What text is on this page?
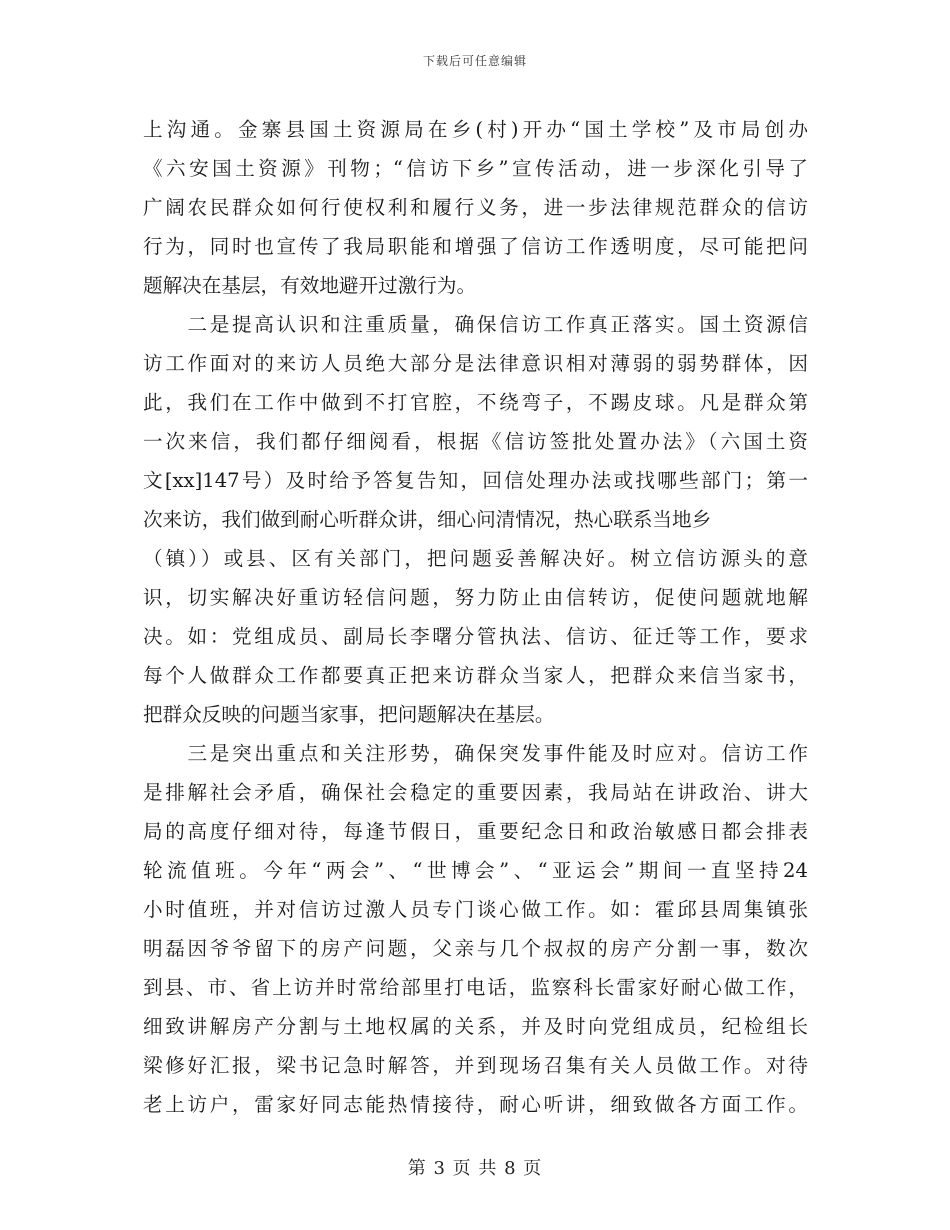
下载后可任意编辑
上沟通。金寨县国土资源局在乡(村)开办“国土学校”及市局创办
《六安国土资源》刊物；“信访下乡”宣传活动，进一步深化引导了
广阔农民群众如何行使权利和履行义务，进一步法律规范群众的信访
行为，同时也宣传了我局职能和增强了信访工作透明度，尽可能把问
题解决在基层，有效地避开过激行为。
　　二是提高认识和注重质量，确保信访工作真正落实。国土资源信
访工作面对的来访人员绝大部分是法律意识相对薄弱的弱势群体，因
此，我们在工作中做到不打官腔，不绕弯子，不踢皮球。凡是群众第
一次来信，我们都仔细阅看，根据《信访签批处置办法》（六国土资
文[xx]147号）及时给予答复告知，回信处理办法或找哪些部门；第一
次来访，我们做到耐心听群众讲，细心问清情况，热心联系当地乡
（镇））或县、区有关部门，把问题妥善解决好。树立信访源头的意
识，切实解决好重访轻信问题，努力防止由信转访，促使问题就地解
决。如：党组成员、副局长李曙分管执法、信访、征迁等工作，要求
每个人做群众工作都要真正把来访群众当家人，把群众来信当家书，
把群众反映的问题当家事，把问题解决在基层。
　　三是突出重点和关注形势，确保突发事件能及时应对。信访工作
是排解社会矛盾，确保社会稳定的重要因素，我局站在讲政治、讲大
局的高度仔细对待，每逢节假日，重要纪念日和政治敏感日都会排表
轮流值班。今年“两会”、“世博会”、“亚运会”期间一直坚持24
小时值班，并对信访过激人员专门谈心做工作。如：霍邱县周集镇张
明磊因爷爷留下的房产问题，父亲与几个叔叔的房产分割一事，数次
到县、市、省上访并时常给部里打电话，监察科长雷家好耐心做工作，
细致讲解房产分割与土地权属的关系，并及时向党组成员，纪检组长
梁修好汇报，梁书记急时解答，并到现场召集有关人员做工作。对待
老上访户，雷家好同志能热情接待，耐心听讲，细致做各方面工作。
第 3 页 共 8 页
